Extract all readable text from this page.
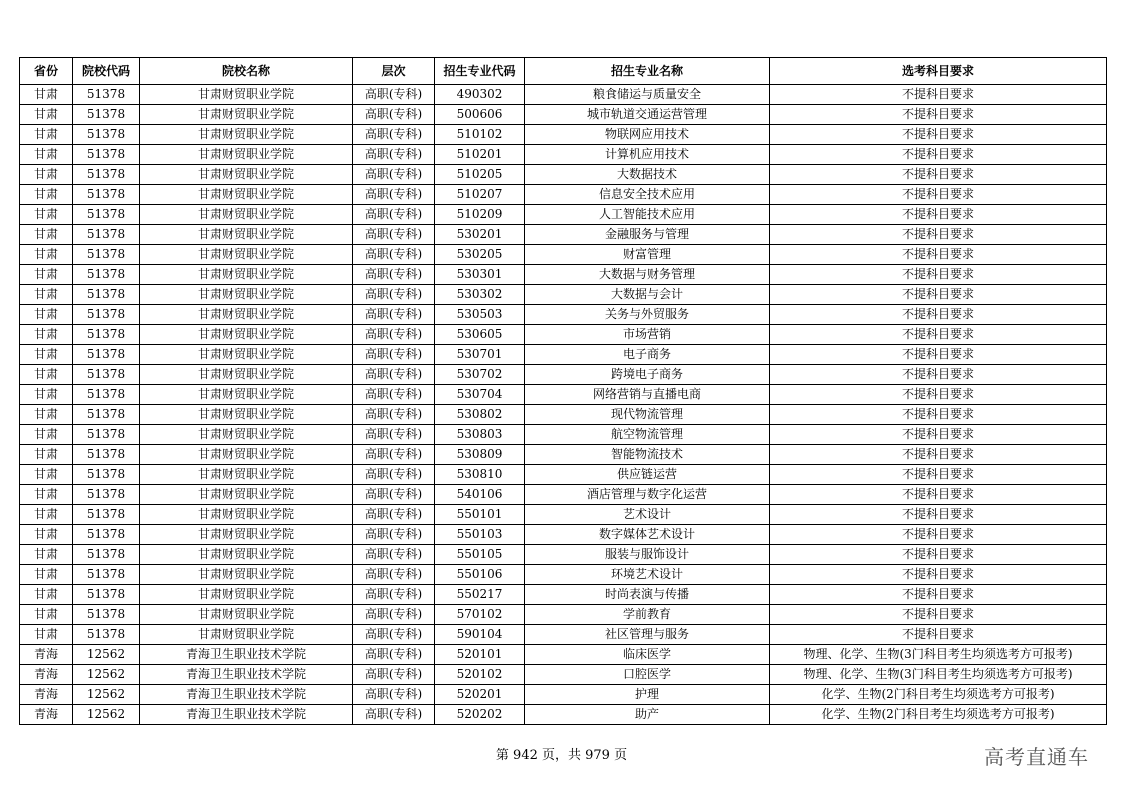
省份	院校代码	院校名称	层次	招生专业代码	招生专业名称	选考科目要求
甘肃	51378	甘肃财贸职业学院	高职(专科)	490302	粮食储运与质量安全	不提科目要求
甘肃	51378	甘肃财贸职业学院	高职(专科)	500606	城市轨道交通运营管理	不提科目要求
甘肃	51378	甘肃财贸职业学院	高职(专科)	510102	物联网应用技术	不提科目要求
甘肃	51378	甘肃财贸职业学院	高职(专科)	510201	计算机应用技术	不提科目要求
甘肃	51378	甘肃财贸职业学院	高职(专科)	510205	大数据技术	不提科目要求
甘肃	51378	甘肃财贸职业学院	高职(专科)	510207	信息安全技术应用	不提科目要求
甘肃	51378	甘肃财贸职业学院	高职(专科)	510209	人工智能技术应用	不提科目要求
甘肃	51378	甘肃财贸职业学院	高职(专科)	530201	金融服务与管理	不提科目要求
甘肃	51378	甘肃财贸职业学院	高职(专科)	530205	财富管理	不提科目要求
甘肃	51378	甘肃财贸职业学院	高职(专科)	530301	大数据与财务管理	不提科目要求
甘肃	51378	甘肃财贸职业学院	高职(专科)	530302	大数据与会计	不提科目要求
甘肃	51378	甘肃财贸职业学院	高职(专科)	530503	关务与外贸服务	不提科目要求
甘肃	51378	甘肃财贸职业学院	高职(专科)	530605	市场营销	不提科目要求
甘肃	51378	甘肃财贸职业学院	高职(专科)	530701	电子商务	不提科目要求
甘肃	51378	甘肃财贸职业学院	高职(专科)	530702	跨境电子商务	不提科目要求
甘肃	51378	甘肃财贸职业学院	高职(专科)	530704	网络营销与直播电商	不提科目要求
甘肃	51378	甘肃财贸职业学院	高职(专科)	530802	现代物流管理	不提科目要求
甘肃	51378	甘肃财贸职业学院	高职(专科)	530803	航空物流管理	不提科目要求
甘肃	51378	甘肃财贸职业学院	高职(专科)	530809	智能物流技术	不提科目要求
甘肃	51378	甘肃财贸职业学院	高职(专科)	530810	供应链运营	不提科目要求
甘肃	51378	甘肃财贸职业学院	高职(专科)	540106	酒店管理与数字化运营	不提科目要求
甘肃	51378	甘肃财贸职业学院	高职(专科)	550101	艺术设计	不提科目要求
甘肃	51378	甘肃财贸职业学院	高职(专科)	550103	数字媒体艺术设计	不提科目要求
甘肃	51378	甘肃财贸职业学院	高职(专科)	550105	服装与服饰设计	不提科目要求
甘肃	51378	甘肃财贸职业学院	高职(专科)	550106	环境艺术设计	不提科目要求
甘肃	51378	甘肃财贸职业学院	高职(专科)	550217	时尚表演与传播	不提科目要求
甘肃	51378	甘肃财贸职业学院	高职(专科)	570102	学前教育	不提科目要求
甘肃	51378	甘肃财贸职业学院	高职(专科)	590104	社区管理与服务	不提科目要求
青海	12562	青海卫生职业技术学院	高职(专科)	520101	临床医学	物理、化学、生物(3门科目考生均须选考方可报考)
青海	12562	青海卫生职业技术学院	高职(专科)	520102	口腔医学	物理、化学、生物(3门科目考生均须选考方可报考)
青海	12562	青海卫生职业技术学院	高职(专科)	520201	护理	化学、生物(2门科目考生均须选考方可报考)
青海	12562	青海卫生职业技术学院	高职(专科)	520202	助产	化学、生物(2门科目考生均须选考方可报考)
第 942 页，共 979 页	高考直通车
